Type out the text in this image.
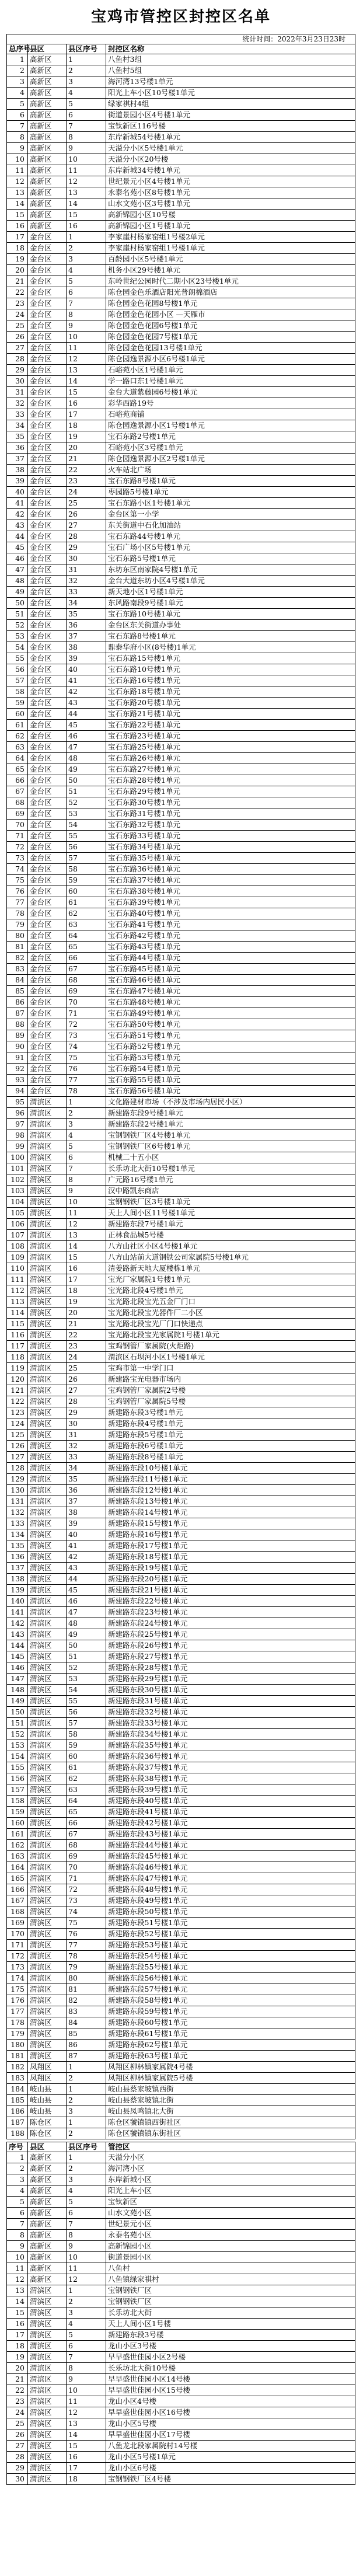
宝鸡市管控区封控区名单
统计时间：2022年3月23日23时
总序号	县区	县区序号	封控区名称
1	高新区	1	八鱼村3组
2	高新区	2	八鱼村5组
3	高新区	3	海河湾13号楼1单元
4	高新区	4	阳光上车小区10号楼1单元
5	高新区	5	绿家祺村4组
6	高新区	6	街道景园小区4号楼1单元
7	高新区	7	宝钛新区116号楼
8	高新区	8	东岸新城54号楼1单元
9	高新区	9	天溢分小区5号楼1单元
10	高新区	10	天溢分小区20号楼
11	高新区	11	东岸新城34号楼1单元
12	高新区	12	世纪景元小区4号楼1单元
13	高新区	13	永泰名苑小区8号楼1单元
14	高新区	14	山水文苑小区3号楼1单元
15	高新区	15	高新锦园小区10号楼
16	高新区	16	高新锦园小区1号楼1单元
17	金台区	1	李家崖村杨家窑组1号楼2单元
18	金台区	2	李家崖村杨家窑组1号楼1单元
19	金台区	3	百龄园小区5号楼1单元
20	金台区	4	机务小区29号楼1单元
21	金台区	5	东岭世纪公园时代二期小区23号楼1单元
22	金台区	6	陈仓园金色乐酒店阳光普朗棉酒店
23	金台区	7	陈仓园金色花园8号楼1单元
24	金台区	8	陈仓园金色花园小区 —天雁市
25	金台区	9	陈仓园金色花园6号楼1单元
26	金台区	10	陈仓园金色花园7号楼1单元
27	金台区	11	陈仓园金色花园13号楼1单元
28	金台区	12	陈仓园逸景源小区6号楼1单元
29	金台区	13	石峪苑小区1号楼1单元
30	金台区	14	学一路口东1号楼1单元
31	金台区	15	金台大道紫藤园6号楼1单元
32	金台区	16	彩华西路19号
33	金台区	17	石峪苑商铺
34	金台区	18	陈仓园逸景源小区1号楼1单元
35	金台区	19	宝石东路2号楼1单元
36	金台区	20	石峪苑小区3号楼1单元
37	金台区	21	陈仓园逸景源小区2号楼1单元
38	金台区	22	火车站北广场
39	金台区	23	宝石东路8号楼1单元
40	金台区	24	枣园路5号楼1单元
41	金台区	25	宝石东路小区1号楼1单元
42	金台区	26	金台区第一小学
43	金台区	27	东关街道中石化加油站
44	金台区	28	宝石东路44号楼1单元
45	金台区	29	宝石广场小区5号楼1单元
46	金台区	30	宝石东路5号楼1单元
47	金台区	31	东坊东区南家院4号楼1单元
48	金台区	32	金台大道东坊小区4号楼1单元
49	金台区	33	新天地小区1号楼1单元
50	金台区	34	东风路南段9号楼1单元
51	金台区	35	宝石东路10号楼1单元
52	金台区	36	金台区东关街道办事处
53	金台区	37	宝石东路8号楼1单元
54	金台区	38	鼎泰华府小区(8号楼)1单元
55	金台区	39	宝石东路15号楼1单元
56	金台区	40	宝石东路10号楼1单元
57	金台区	41	宝石东路16号楼1单元
58	金台区	42	宝石东路18号楼1单元
59	金台区	43	宝石东路20号楼1单元
60	金台区	44	宝石东路21号楼1单元
61	金台区	45	宝石东路22号楼1单元
62	金台区	46	宝石东路23号楼1单元
63	金台区	47	宝石东路25号楼1单元
64	金台区	48	宝石东路26号楼1单元
65	金台区	49	宝石东路27号楼1单元
66	金台区	50	宝石东路28号楼1单元
67	金台区	51	宝石东路29号楼1单元
68	金台区	52	宝石东路30号楼1单元
69	金台区	53	宝石东路31号楼1单元
70	金台区	54	宝石东路32号楼1单元
71	金台区	55	宝石东路33号楼1单元
72	金台区	56	宝石东路34号楼1单元
73	金台区	57	宝石东路35号楼1单元
74	金台区	58	宝石东路36号楼1单元
75	金台区	59	宝石东路37号楼1单元
76	金台区	60	宝石东路38号楼1单元
77	金台区	61	宝石东路39号楼1单元
78	金台区	62	宝石东路40号楼1单元
79	金台区	63	宝石东路41号楼1单元
80	金台区	64	宝石东路42号楼1单元
81	金台区	65	宝石东路43号楼1单元
82	金台区	66	宝石东路44号楼1单元
83	金台区	67	宝石东路45号楼1单元
84	金台区	68	宝石东路46号楼1单元
85	金台区	69	宝石东路47号楼1单元
86	金台区	70	宝石东路48号楼1单元
87	金台区	71	宝石东路49号楼1单元
88	金台区	72	宝石东路50号楼1单元
89	金台区	73	宝石东路51号楼1单元
90	金台区	74	宝石东路52号楼1单元
91	金台区	75	宝石东路53号楼1单元
92	金台区	76	宝石东路54号楼1单元
93	金台区	77	宝石东路55号楼1单元
94	金台区	78	宝石东路56号楼1单元
95	渭滨区	1	文化路建材市场（不涉及市场内居民小区）
96	渭滨区	2	新建路东段9号楼1单元
97	渭滨区	3	新建路东段2号楼1单元
98	渭滨区	4	宝钢钢铁厂区4号楼1单元
99	渭滨区	5	宝钢钢铁厂区6号楼1单元
100	渭滨区	6	机械二十五小区
101	渭滨区	7	长乐坊北大街10号楼1单元
102	渭滨区	8	广元路16号楼1单元
103	渭滨区	9	汉中路凯东商店
104	渭滨区	10	宝钢钢铁厂区3号楼1单元
105	渭滨区	11	天上人间小区11号楼1单元
106	渭滨区	12	新建路东段7号楼1单元
107	渭滨区	13	正林食品城5号楼
108	渭滨区	14	八方山社区小区4号楼1单元
109	渭滨区	15	八方山站前大道钢铁公司家属院5号楼1单元
110	渭滨区	16	清姜路新天地大厦楼栋1单元
111	渭滨区	17	宝光厂家属院1号楼1单元
112	渭滨区	18	宝光路北段4号楼1单元
113	渭滨区	19	宝光路北段宝光五金厂门口
114	渭滨区	20	宝光路北段宝光器件厂二小区
115	渭滨区	21	宝光路北段宝光厂门口快递点
116	渭滨区	22	宝光路北段宝光家属院1号楼1单元
117	渭滨区	23	宝鸡钢管厂家属院(火炬路)
118	渭滨区	24	渭滨区石坝河小区1号楼1单元
119	渭滨区	25	宝鸡市第一中学门口
120	渭滨区	26	新建路宝光电器市场内
121	渭滨区	27	宝鸡钢管厂家属院2号楼
122	渭滨区	28	宝鸡钢管厂家属院5号楼
123	渭滨区	29	新建路东段3号楼1单元
124	渭滨区	30	新建路东段4号楼1单元
125	渭滨区	31	新建路东段5号楼1单元
126	渭滨区	32	新建路东段6号楼1单元
127	渭滨区	33	新建路东段8号楼1单元
128	渭滨区	34	新建路东段10号楼1单元
129	渭滨区	35	新建路东段11号楼1单元
130	渭滨区	36	新建路东段12号楼1单元
131	渭滨区	37	新建路东段13号楼1单元
132	渭滨区	38	新建路东段14号楼1单元
133	渭滨区	39	新建路东段15号楼1单元
134	渭滨区	40	新建路东段16号楼1单元
135	渭滨区	41	新建路东段17号楼1单元
136	渭滨区	42	新建路东段18号楼1单元
137	渭滨区	43	新建路东段19号楼1单元
138	渭滨区	44	新建路东段20号楼1单元
139	渭滨区	45	新建路东段21号楼1单元
140	渭滨区	46	新建路东段22号楼1单元
141	渭滨区	47	新建路东段23号楼1单元
142	渭滨区	48	新建路东段24号楼1单元
143	渭滨区	49	新建路东段25号楼1单元
144	渭滨区	50	新建路东段26号楼1单元
145	渭滨区	51	新建路东段27号楼1单元
146	渭滨区	52	新建路东段28号楼1单元
147	渭滨区	53	新建路东段29号楼1单元
148	渭滨区	54	新建路东段30号楼1单元
149	渭滨区	55	新建路东段31号楼1单元
150	渭滨区	56	新建路东段32号楼1单元
151	渭滨区	57	新建路东段33号楼1单元
152	渭滨区	58	新建路东段34号楼1单元
153	渭滨区	59	新建路东段35号楼1单元
154	渭滨区	60	新建路东段36号楼1单元
155	渭滨区	61	新建路东段37号楼1单元
156	渭滨区	62	新建路东段38号楼1单元
157	渭滨区	63	新建路东段39号楼1单元
158	渭滨区	64	新建路东段40号楼1单元
159	渭滨区	65	新建路东段41号楼1单元
160	渭滨区	66	新建路东段42号楼1单元
161	渭滨区	67	新建路东段43号楼1单元
162	渭滨区	68	新建路东段44号楼1单元
163	渭滨区	69	新建路东段45号楼1单元
164	渭滨区	70	新建路东段46号楼1单元
165	渭滨区	71	新建路东段47号楼1单元
166	渭滨区	72	新建路东段48号楼1单元
167	渭滨区	73	新建路东段49号楼1单元
168	渭滨区	74	新建路东段50号楼1单元
169	渭滨区	75	新建路东段51号楼1单元
170	渭滨区	76	新建路东段52号楼1单元
171	渭滨区	77	新建路东段53号楼1单元
172	渭滨区	78	新建路东段54号楼1单元
173	渭滨区	79	新建路东段55号楼1单元
174	渭滨区	80	新建路东段56号楼1单元
175	渭滨区	81	新建路东段57号楼1单元
176	渭滨区	82	新建路东段58号楼1单元
177	渭滨区	83	新建路东段59号楼1单元
178	渭滨区	84	新建路东段60号楼1单元
179	渭滨区	85	新建路东段61号楼1单元
180	渭滨区	86	新建路东段62号楼1单元
181	渭滨区	87	新建路东段63号楼1单元
182	凤翔区	1	凤翔区柳林镇家属院4号楼
183	凤翔区	2	凤翔区柳林镇家属院5号楼
184	岐山县	1	岐山县蔡家坡镇西街
185	岐山县	2	岐山县蔡家坡镇北街
186	岐山县	3	岐山县凤鸣镇北大街
187	陈仓区	1	陈仓区虢镇镇西街社区
188	陈仓区	2	陈仓区虢镇镇东街社区
序号	县区	县区序号	管控区
1	高新区	1	天溢分小区
2	高新区	2	海河湾小区
3	高新区	3	东岸新城小区
4	高新区	4	阳光上车小区
5	高新区	5	宝钛新区
6	高新区	6	山水文苑小区
7	高新区	7	世纪景元小区
8	高新区	8	永泰名苑小区
9	高新区	9	高新锦园小区
10	高新区	10	街道景园小区
11	高新区	11	八鱼村
12	高新区	12	八鱼镇绿家祺村
13	渭滨区	1	宝钢钢铁厂区
14	渭滨区	2	宝钢钢铁厂区
15	渭滨区	3	长乐坊北大街
16	渭滨区	4	天上人间小区1号楼
17	渭滨区	5	新建路东段3号楼
18	渭滨区	6	龙山小区3号楼
19	渭滨区	7	早早盛世佳园小区2号楼
20	渭滨区	8	长乐坊北大街10号楼
21	渭滨区	9	早早盛世佳园小区14号楼
22	渭滨区	10	早早盛世佳园小区15号楼
23	渭滨区	11	龙山小区4号楼
24	渭滨区	12	早早盛世佳园小区16号楼
25	渭滨区	13	龙山小区5号楼
26	渭滨区	14	早早盛世佳园小区17号楼
27	渭滨区	15	八鱼龙北段家属院村14号楼
28	渭滨区	16	龙山小区5号楼1单元
29	渭滨区	17	龙山小区6号楼
30	渭滨区	18	宝钢钢铁厂区4号楼
